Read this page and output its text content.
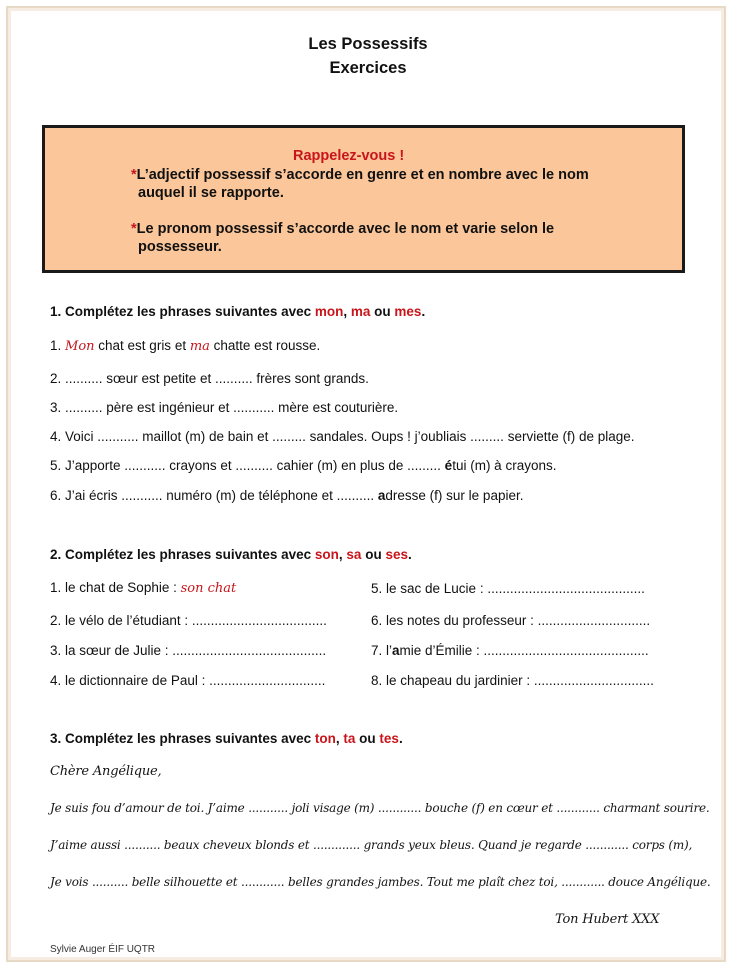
Les Possessifs
Exercices
Rappelez-vous !
*L’adjectif possessif s’accorde en genre et en nombre avec le nom
auquel il se rapporte.
*Le pronom possessif s’accorde avec le nom et varie selon le
possesseur.
1. Complétez les phrases suivantes avec mon, ma ou mes.
1. Mon chat est gris et ma chatte est rousse.
2. .......... sœur est petite et .......... frères sont grands.
3. .......... père est ingénieur et ........... mère est couturière.
4. Voici ........... maillot (m) de bain et ......... sandales. Oups ! j’oubliais ......... serviette (f) de plage.
5. J’apporte ........... crayons et .......... cahier (m) en plus de ......... étui (m) à crayons.
6. J’ai écris ........... numéro (m) de téléphone et .......... adresse (f) sur le papier.
2. Complétez les phrases suivantes avec son, sa ou ses.
1. le chat de Sophie : son chat
2. le vélo de l’étudiant : ....................................
3. la sœur de Julie : .........................................
4. le dictionnaire de Paul : ...............................
5. le sac de Lucie : ..........................................
6. les notes du professeur : ..............................
7. l’amie d’Émilie : ............................................
8. le chapeau du jardinier : ................................
3. Complétez les phrases suivantes avec ton, ta ou tes.
Chère Angélique,
Je suis fou d’amour de toi. J’aime ........... joli visage (m) ............ bouche (f) en cœur et ............ charmant sourire.
J’aime aussi .......... beaux cheveux blonds et ............. grands yeux bleus. Quand je regarde ............ corps (m),
Je vois .......... belle silhouette et ............ belles grandes jambes. Tout me plaît chez toi, ............ douce Angélique.
Ton Hubert XXX
Sylvie Auger ÉIF UQTR
